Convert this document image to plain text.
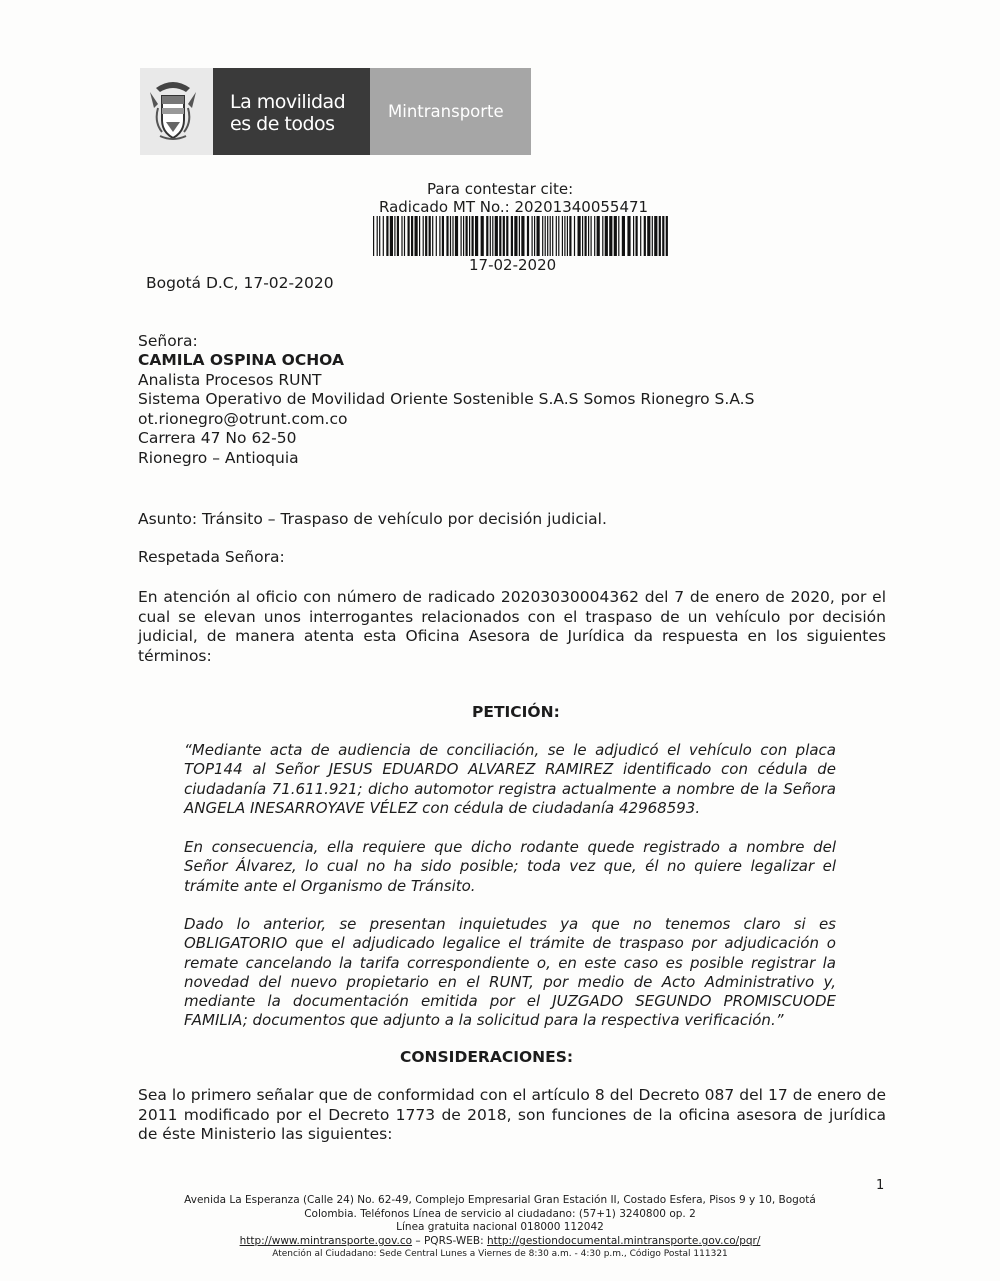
La movilidad
es de todos
Mintransporte
Para contestar cite:
Radicado MT No.: 20201340055471
17-02-2020
Bogotá D.C, 17-02-2020
Señora:
CAMILA OSPINA OCHOA
Analista Procesos RUNT
Sistema Operativo de Movilidad Oriente Sostenible S.A.S Somos Rionegro S.A.S
ot.rionegro@otrunt.com.co
Carrera 47 No 62-50
Rionegro – Antioquia
Asunto: Tránsito – Traspaso de vehículo por decisión judicial.
Respetada Señora:
En atención al oficio con número de radicado 20203030004362 del 7 de enero de 2020, por el cual se elevan unos interrogantes relacionados con el traspaso de un vehículo por decisión judicial, de manera atenta esta Oficina Asesora de Jurídica da respuesta en los siguientes términos:
PETICIÓN:
“Mediante acta de audiencia de conciliación, se le adjudicó el vehículo con placa TOP144 al Señor JESUS EDUARDO ALVAREZ RAMIREZ identificado con cédula de ciudadanía 71.611.921; dicho automotor registra actualmente a nombre de la Señora ANGELA INESARROYAVE VÉLEZ con cédula de ciudadanía 42968593.
En consecuencia, ella requiere que dicho rodante quede registrado a nombre del Señor Álvarez, lo cual no ha sido posible; toda vez que, él no quiere legalizar el trámite ante el Organismo de Tránsito.
Dado lo anterior, se presentan inquietudes ya que no tenemos claro si es OBLIGATORIO que el adjudicado legalice el trámite de traspaso por adjudicación o remate cancelando la tarifa correspondiente o, en este caso es posible registrar la novedad del nuevo propietario en el RUNT, por medio de Acto Administrativo y, mediante la documentación emitida por el JUZGADO SEGUNDO PROMISCUODE FAMILIA; documentos que adjunto a la solicitud para la respectiva verificación.”
CONSIDERACIONES:
Sea lo primero señalar que de conformidad con el artículo 8 del Decreto 087 del 17 de enero de 2011 modificado por el Decreto 1773 de 2018, son funciones de la oficina asesora de jurídica de éste Ministerio las siguientes:
1
Avenida La Esperanza (Calle 24) No. 62-49, Complejo Empresarial Gran Estación II, Costado Esfera, Pisos 9 y 10, Bogotá
Colombia. Teléfonos Línea de servicio al ciudadano: (57+1) 3240800 op. 2
Línea gratuita nacional 018000 112042
http://www.mintransporte.gov.co – PQRS-WEB: http://gestiondocumental.mintransporte.gov.co/pqr/
Atención al Ciudadano: Sede Central Lunes a Viernes de 8:30 a.m. - 4:30 p.m., Código Postal 111321
